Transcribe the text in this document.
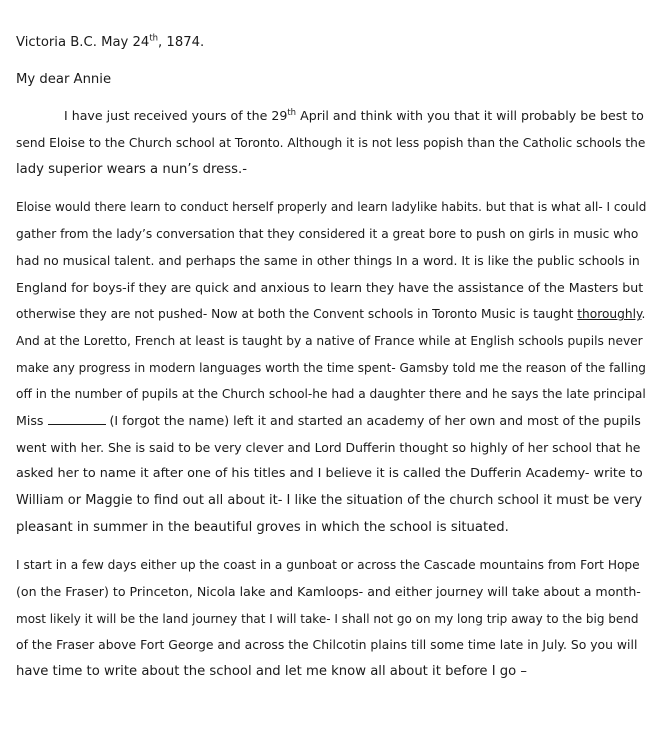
Victoria B.C. May 24th, 1874.
My dear Annie
I have just received yours of the 29th April and think with you that it will probably be best to
send Eloise to the Church school at Toronto. Although it is not less popish than the Catholic schools the
lady superior wears a nun’s dress.-
Eloise would there learn to conduct herself properly and learn ladylike habits. but that is what all- I could
gather from the lady’s conversation that they considered it a great bore to push on girls in music who
had no musical talent. and perhaps the same in other things In a word. It is like the public schools in
England for boys-if they are quick and anxious to learn they have the assistance of the Masters but
otherwise they are not pushed- Now at both the Convent schools in Toronto Music is taught thoroughly.
And at the Loretto, French at least is taught by a native of France while at English schools pupils never
make any progress in modern languages worth the time spent- Gamsby told me the reason of the falling
off in the number of pupils at the Church school-he had a daughter there and he says the late principal
Miss	(I forgot the name) left it and started an academy of her own and most of the pupils
went with her. She is said to be very clever and Lord Dufferin thought so highly of her school that he
asked her to name it after one of his titles and I believe it is called the Dufferin Academy- write to
William or Maggie to find out all about it- I like the situation of the church school it must be very
pleasant in summer in the beautiful groves in which the school is situated.
I start in a few days either up the coast in a gunboat or across the Cascade mountains from Fort Hope
(on the Fraser) to Princeton, Nicola lake and Kamloops- and either journey will take about a month-
most likely it will be the land journey that I will take- I shall not go on my long trip away to the big bend
of the Fraser above Fort George and across the Chilcotin plains till some time late in July. So you will
have time to write about the school and let me know all about it before I go –
